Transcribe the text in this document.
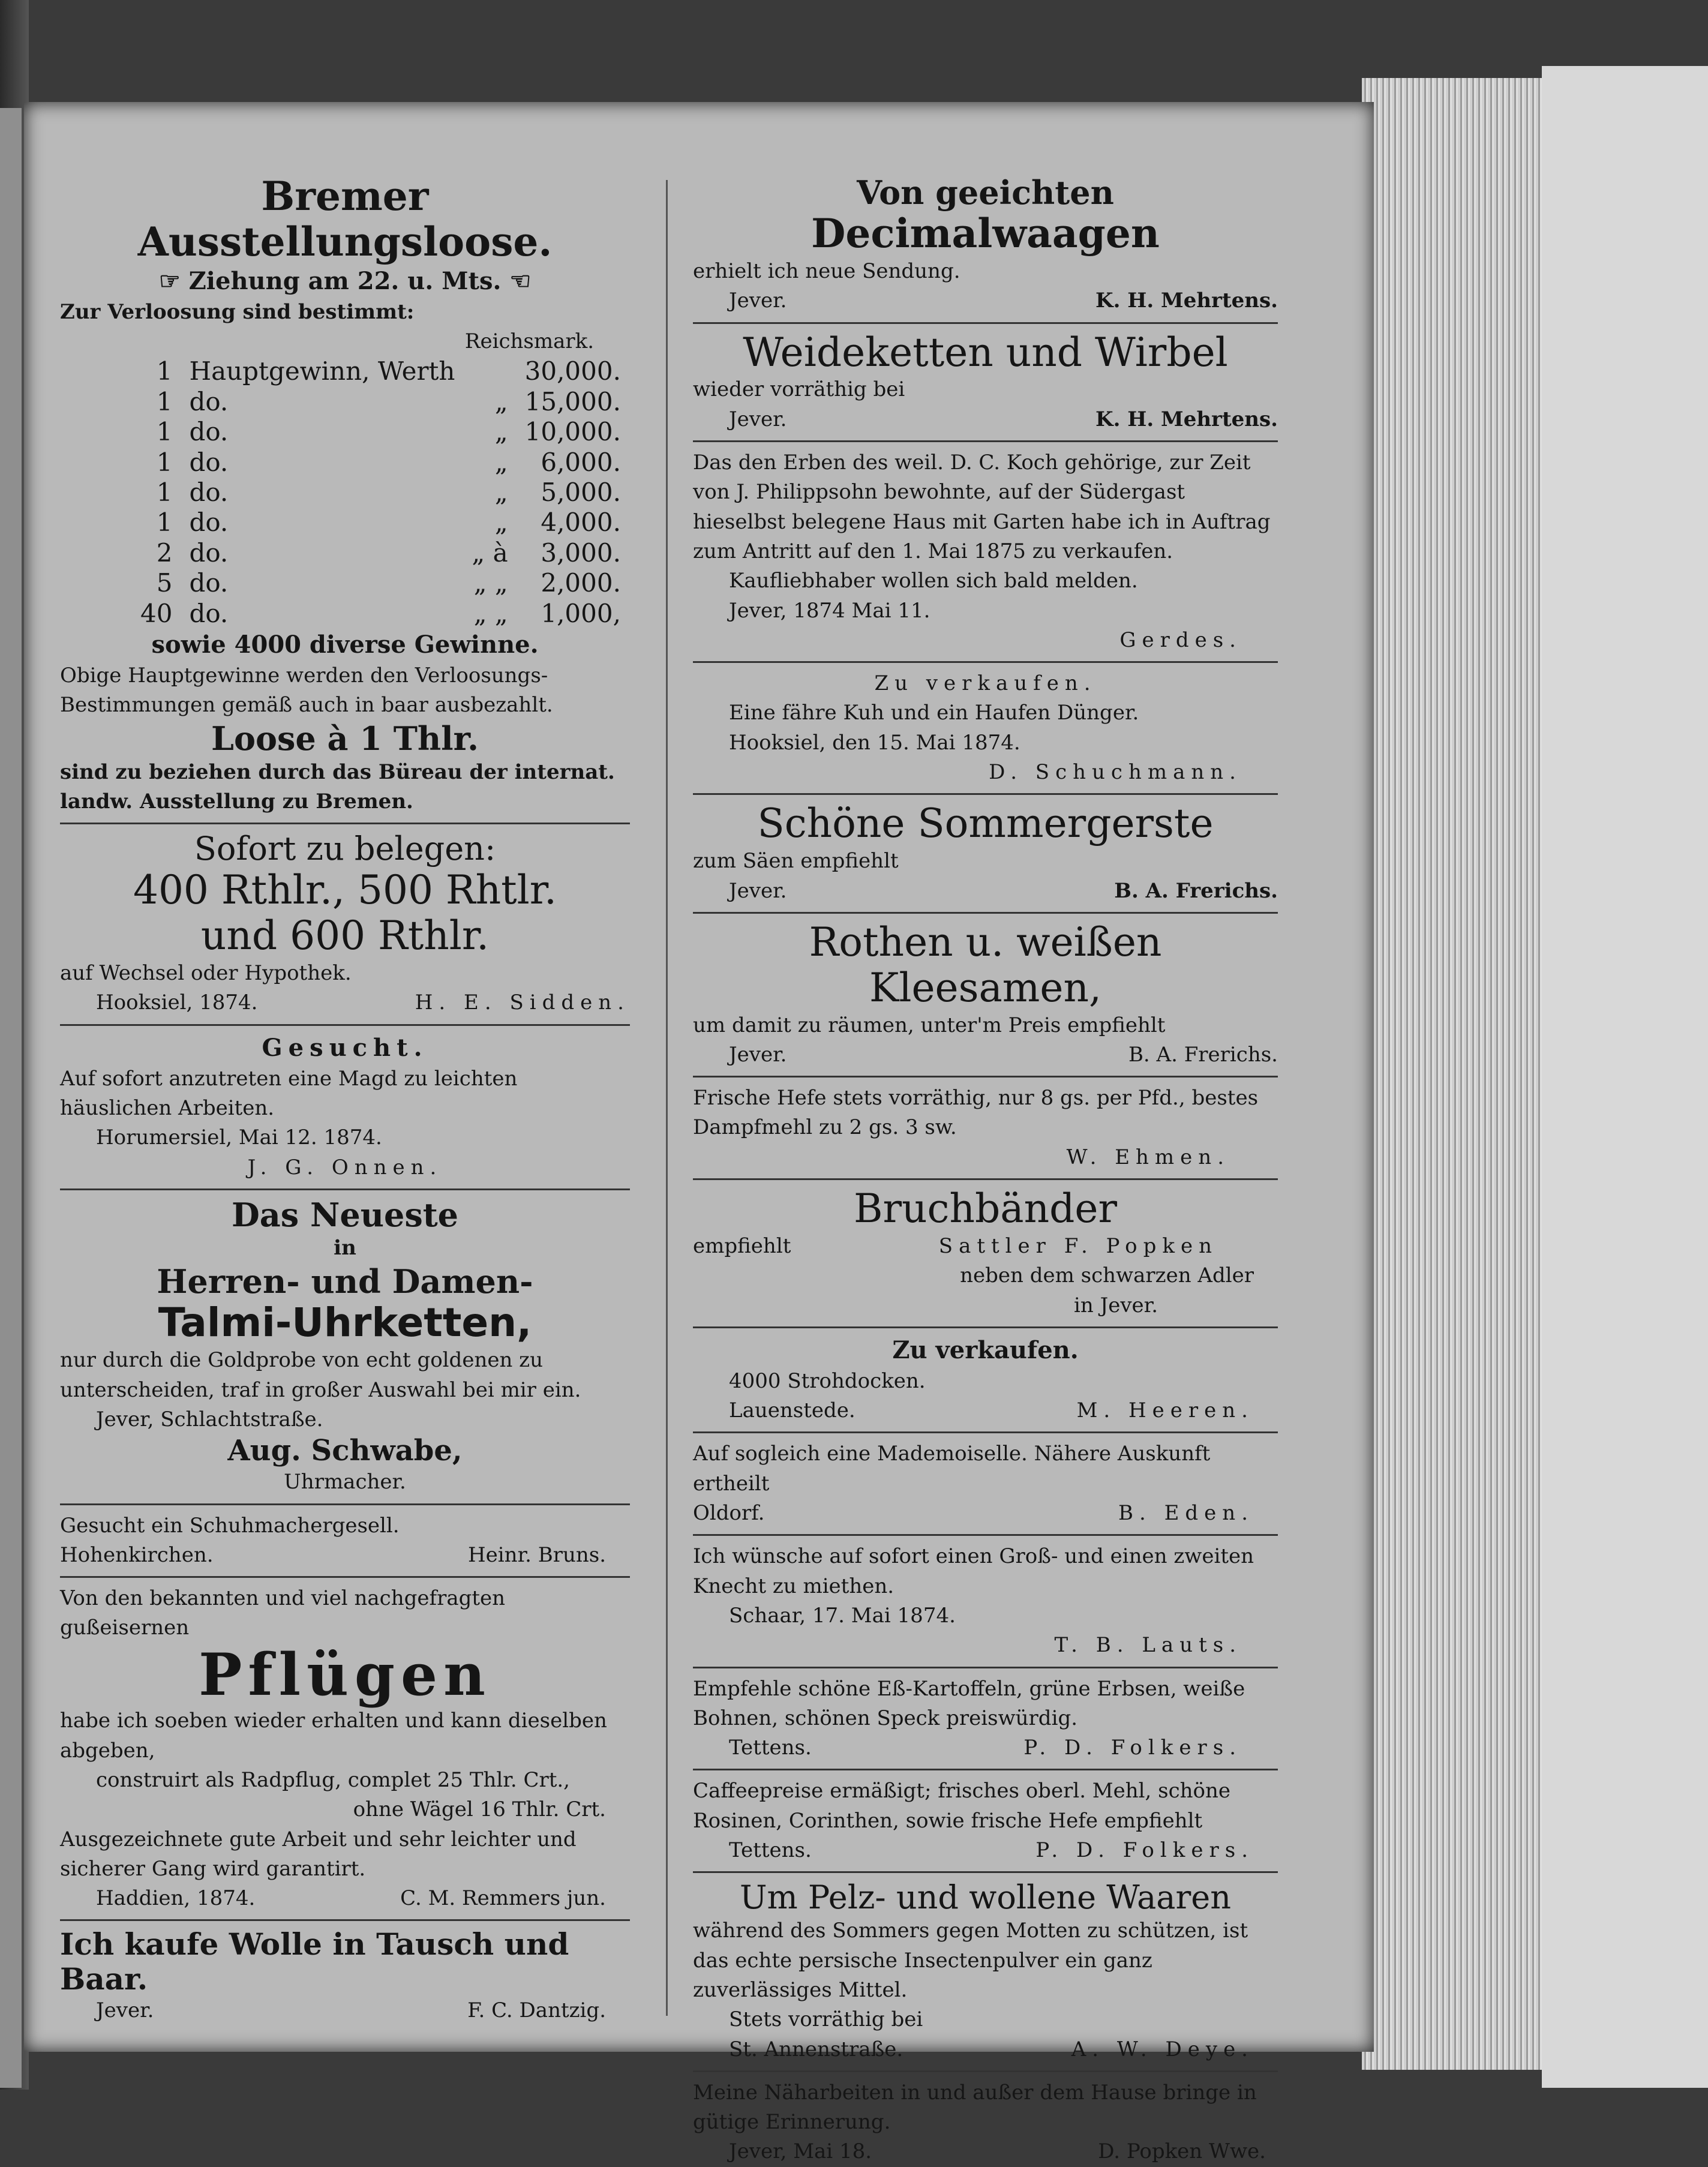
Bremer Ausstellungsloose.
☞ Ziehung am 22. u. Mts. ☜
Zur Verloosung sind bestimmt:
Reichsmark.
1	Hauptgewinn, Werth		30,000.
1	do.	„	15,000.
1	do.	„	10,000.
1	do.	„	6,000.
1	do.	„	5,000.
1	do.	„	4,000.
2	do.	„ à	3,000.
5	do.	„ „	2,000.
40	do.	„ „	1,000,
sowie 4000 diverse Gewinne.
Obige Hauptgewinne werden den Verloosungs-Bestimmungen gemäß auch in baar ausbezahlt.
Loose à 1 Thlr.
sind zu beziehen durch das Büreau der internat. landw. Ausstellung zu Bremen.
Sofort zu belegen:
400 Rthlr., 500 Rhtlr.
und 600 Rthlr.
auf Wechsel oder Hypothek.
Hooksiel, 1874.	H. E. Sidden.
Gesucht.
Auf sofort anzutreten eine Magd zu leichten häuslichen Arbeiten.
Horumersiel, Mai 12. 1874.
J. G. Onnen.
Das Neueste
in
Herren- und Damen-
Talmi-Uhrketten,
nur durch die Goldprobe von echt goldenen zu unterscheiden, traf in großer Auswahl bei mir ein.
Jever, Schlachtstraße.
Aug. Schwabe,
Uhrmacher.
Gesucht ein Schuhmachergesell.
Hohenkirchen.	Heinr. Bruns.
Von den bekannten und viel nachgefragten gußeisernen
Pflügen
habe ich soeben wieder erhalten und kann dieselben abgeben,
construirt als Radpflug, complet 25 Thlr. Crt.,
ohne Wägel 16 Thlr. Crt.
Ausgezeichnete gute Arbeit und sehr leichter und sicherer Gang wird garantirt.
Haddien, 1874.	C. M. Remmers jun.
Ich kaufe Wolle in Tausch und Baar.
Jever.	F. C. Dantzig.
Von geeichten
Decimalwaagen
erhielt ich neue Sendung.
Jever.	K. H. Mehrtens.
Weideketten und Wirbel
wieder vorräthig bei
Jever.	K. H. Mehrtens.
Das den Erben des weil. D. C. Koch gehörige, zur Zeit von J. Philippsohn bewohnte, auf der Südergast hieselbst belegene Haus mit Garten habe ich in Auftrag zum Antritt auf den 1. Mai 1875 zu verkaufen.
Kaufliebhaber wollen sich bald melden.
Jever, 1874 Mai 11.
Gerdes.
Zu verkaufen.
Eine fähre Kuh und ein Haufen Dünger.
Hooksiel, den 15. Mai 1874.
D. Schuchmann.
Schöne Sommergerste
zum Säen empfiehlt
Jever.	B. A. Frerichs.
Rothen u. weißen Kleesamen,
um damit zu räumen, unter'm Preis empfiehlt
Jever.	B. A. Frerichs.
Frische Hefe stets vorräthig, nur 8 gs. per Pfd., bestes Dampfmehl zu 2 gs. 3 sw.
W. Ehmen.
Bruchbänder
empfiehlt	Sattler F. Popken
neben dem schwarzen Adler
in Jever.
Zu verkaufen.
4000 Strohdocken.
Lauenstede.	M. Heeren.
Auf sogleich eine Mademoiselle. Nähere Auskunft ertheilt
Oldorf.	B. Eden.
Ich wünsche auf sofort einen Groß- und einen zweiten Knecht zu miethen.
Schaar, 17. Mai 1874.
T. B. Lauts.
Empfehle schöne Eß-Kartoffeln, grüne Erbsen, weiße Bohnen, schönen Speck preiswürdig.
Tettens.	P. D. Folkers.
Caffeepreise ermäßigt; frisches oberl. Mehl, schöne Rosinen, Corinthen, sowie frische Hefe empfiehlt
Tettens.	P. D. Folkers.
Um Pelz- und wollene Waaren
während des Sommers gegen Motten zu schützen, ist das echte persische Insectenpulver ein ganz zuverlässiges Mittel.
Stets vorräthig bei
St. Annenstraße.	A. W. Deye.
Meine Näharbeiten in und außer dem Hause bringe in gütige Erinnerung.
Jever, Mai 18.	D. Popken Wwe.
